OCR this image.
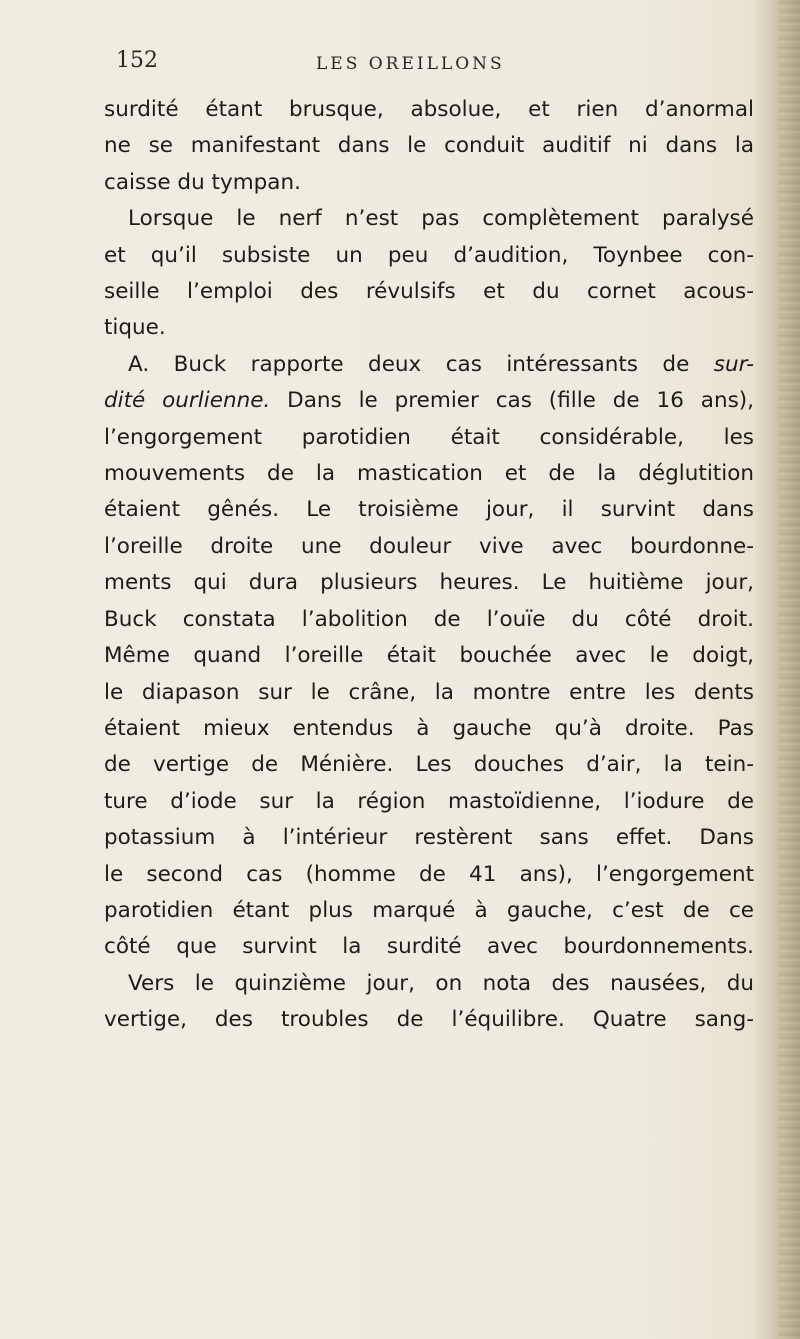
152	LES OREILLONS
surdité étant brusque, absolue, et rien d’anormal
ne se manifestant dans le conduit auditif ni dans la
caisse du tympan.
Lorsque le nerf n’est pas complètement paralysé
et qu’il subsiste un peu d’audition, Toynbee con-
seille l’emploi des révulsifs et du cornet acous-
tique.
A. Buck rapporte deux cas intéressants de sur-
dité ourlienne. Dans le premier cas (fille de 16 ans),
l’engorgement parotidien était considérable, les
mouvements de la mastication et de la déglutition
étaient gênés. Le troisième jour, il survint dans
l’oreille droite une douleur vive avec bourdonne-
ments qui dura plusieurs heures. Le huitième jour,
Buck constata l’abolition de l’ouïe du côté droit.
Même quand l’oreille était bouchée avec le doigt,
le diapason sur le crâne, la montre entre les dents
étaient mieux entendus à gauche qu’à droite. Pas
de vertige de Ménière. Les douches d’air, la tein-
ture d’iode sur la région mastoïdienne, l’iodure de
potassium à l’intérieur restèrent sans effet. Dans
le second cas (homme de 41 ans), l’engorgement
parotidien étant plus marqué à gauche, c’est de ce
côté que survint la surdité avec bourdonnements.
Vers le quinzième jour, on nota des nausées, du
vertige, des troubles de l’équilibre. Quatre sang-
